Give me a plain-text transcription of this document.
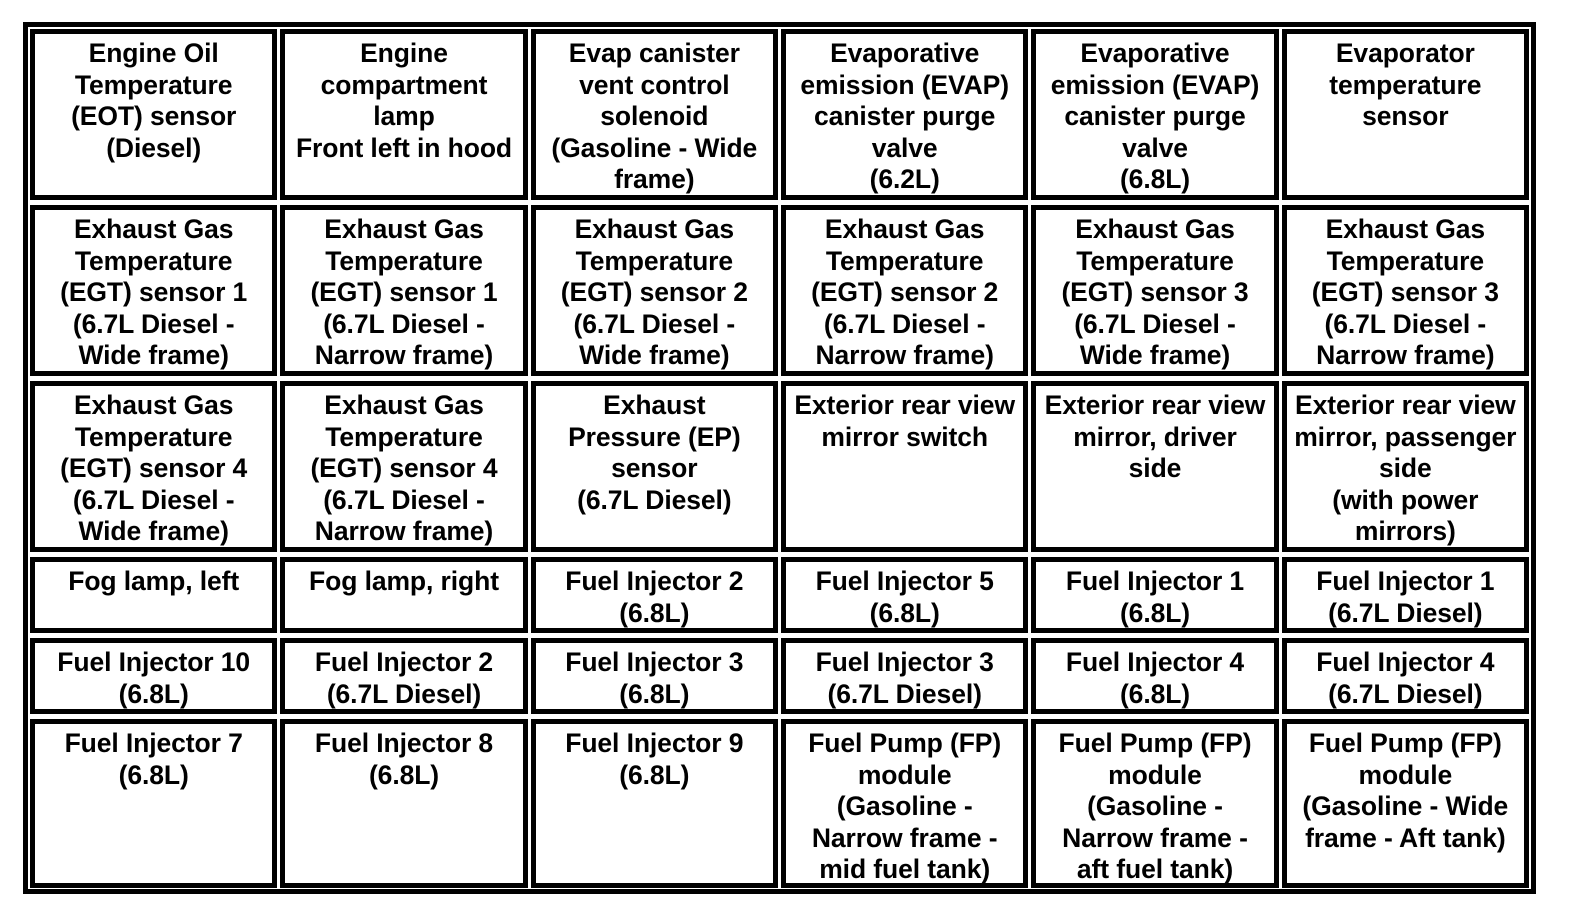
Engine Oil
Temperature
(EOT) sensor
(Diesel)
Engine
compartment
lamp
Front left in hood
Evap canister
vent control
solenoid
(Gasoline - Wide
frame)
Evaporative
emission (EVAP)
canister purge
valve
(6.2L)
Evaporative
emission (EVAP)
canister purge
valve
(6.8L)
Evaporator
temperature
sensor
Exhaust Gas
Temperature
(EGT) sensor 1
(6.7L Diesel -
Wide frame)
Exhaust Gas
Temperature
(EGT) sensor 1
(6.7L Diesel -
Narrow frame)
Exhaust Gas
Temperature
(EGT) sensor 2
(6.7L Diesel -
Wide frame)
Exhaust Gas
Temperature
(EGT) sensor 2
(6.7L Diesel -
Narrow frame)
Exhaust Gas
Temperature
(EGT) sensor 3
(6.7L Diesel -
Wide frame)
Exhaust Gas
Temperature
(EGT) sensor 3
(6.7L Diesel -
Narrow frame)
Exhaust Gas
Temperature
(EGT) sensor 4
(6.7L Diesel -
Wide frame)
Exhaust Gas
Temperature
(EGT) sensor 4
(6.7L Diesel -
Narrow frame)
Exhaust
Pressure (EP)
sensor
(6.7L Diesel)
Exterior rear view
mirror switch
Exterior rear view
mirror, driver
side
Exterior rear view
mirror, passenger
side
(with power
mirrors)
Fog lamp, left	Fog lamp, right	Fuel Injector 2
(6.8L)
Fuel Injector 5
(6.8L)
Fuel Injector 1
(6.8L)
Fuel Injector 1
(6.7L Diesel)
Fuel Injector 10
(6.8L)
Fuel Injector 2
(6.7L Diesel)
Fuel Injector 3
(6.8L)
Fuel Injector 3
(6.7L Diesel)
Fuel Injector 4
(6.8L)
Fuel Injector 4
(6.7L Diesel)
Fuel Injector 7
(6.8L)
Fuel Injector 8
(6.8L)
Fuel Injector 9
(6.8L)
Fuel Pump (FP)
module
(Gasoline -
Narrow frame -
mid fuel tank)
Fuel Pump (FP)
module
(Gasoline -
Narrow frame -
aft fuel tank)
Fuel Pump (FP)
module
(Gasoline - Wide
frame - Aft tank)
